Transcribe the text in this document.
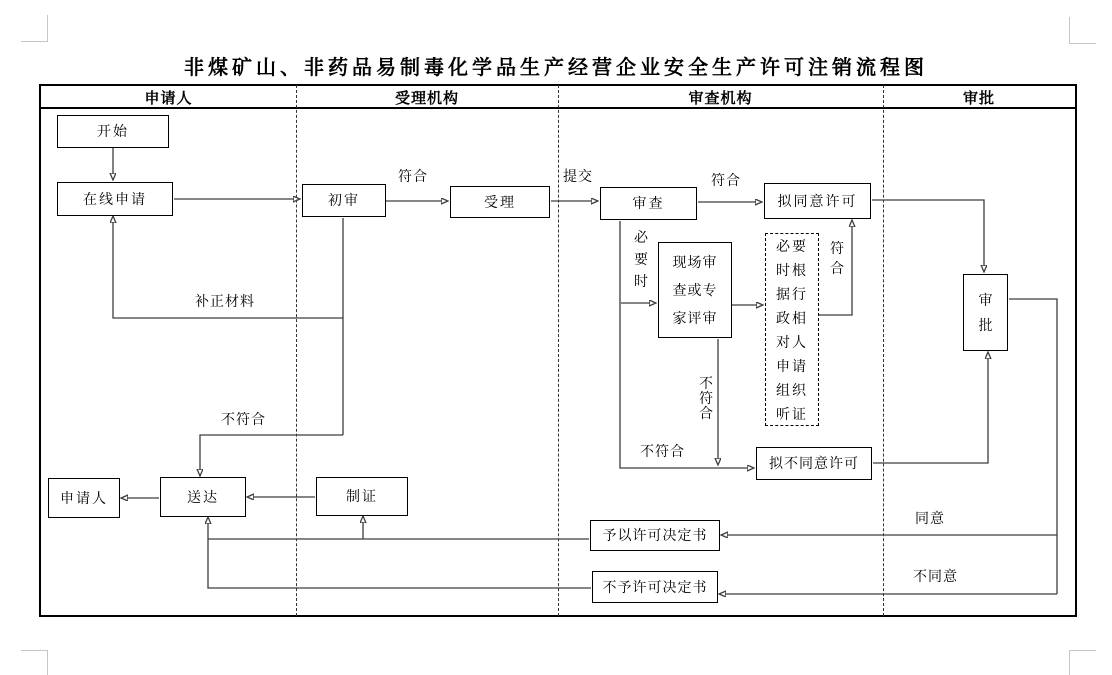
非煤矿山、非药品易制毒化学品生产经营企业安全生产许可注销流程图
申请人	受理机构	审查机构	审批
开始
在线申请	初审	受理	审查	拟同意许可
现场审查或专家评审
必要时根据行政相对人申请组织听证
审批
拟不同意许可
申请人	送达	制证
予以许可决定书
不予许可决定书
符合	提交	符合
必要时
符合
不符合
不符合
补正材料
不符合
同意
不同意
